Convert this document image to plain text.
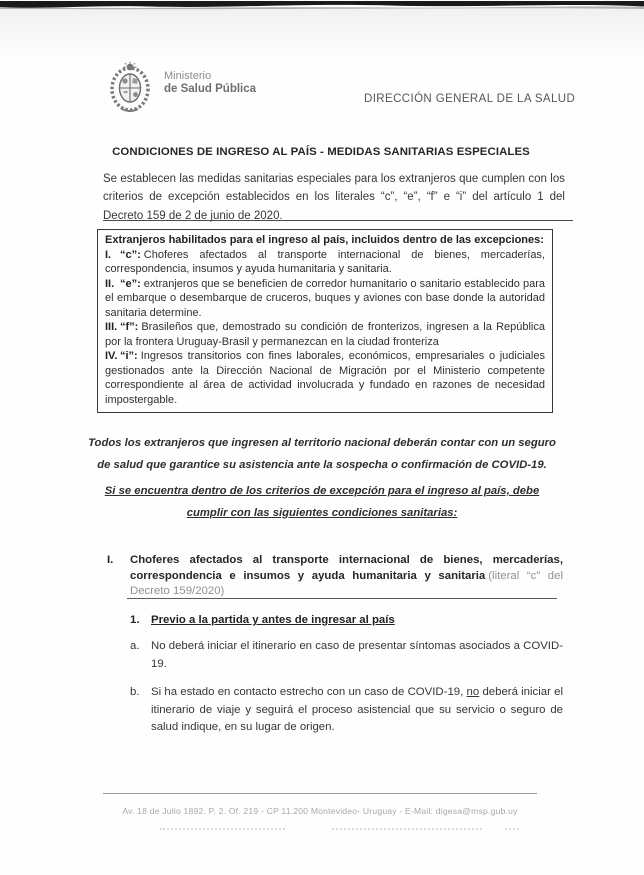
Ministerio
de Salud Pública
DIRECCIÓN GENERAL DE LA SALUD
CONDICIONES DE INGRESO AL PAÍS - MEDIDAS SANITARIAS ESPECIALES
Se establecen las medidas sanitarias especiales para los extranjeros que cumplen con los criterios de excepción establecidos en los literales “c”, “e”, “f” e “i” del artículo 1 del Decreto 159 de 2 de junio de 2020.
Extranjeros habilitados para el ingreso al país, incluidos dentro de las excepciones:

I. “c”: Choferes afectados al transporte internacional de bienes, mercaderías, correspondencia, insumos y ayuda humanitaria y sanitaria.

II. “e”: extranjeros que se beneficien de corredor humanitario o sanitario establecido para el embarque o desembarque de cruceros, buques y aviones con base donde la autoridad sanitaria determine.

III. “f”: Brasileños que, demostrado su condición de fronterizos, ingresen a la República por la frontera Uruguay-Brasil y permanezcan en la ciudad fronteriza

IV. “i”: Ingresos transitorios con fines laborales, económicos, empresariales o judiciales gestionados ante la Dirección Nacional de Migración por el Ministerio competente correspondiente al área de actividad involucrada y fundado en razones de necesidad impostergable.

Todos los extranjeros que ingresen al territorio nacional deberán contar con un seguro de salud que garantice su asistencia ante la sospecha o confirmación de COVID-19.
Si se encuentra dentro de los criterios de excepción para el ingreso al país, debe cumplir con las siguientes condiciones sanitarias:
I.	Choferes afectados al transporte internacional de bienes, mercaderías, correspondencia e insumos y ayuda humanitaria y sanitaria (literal “c” del Decreto 159/2020)
1.	Previo a la partida y antes de ingresar al país
a.	No deberá iniciar el itinerario en caso de presentar síntomas asociados a COVID-19.
b.	Si ha estado en contacto estrecho con un caso de COVID-19, no deberá iniciar el itinerario de viaje y seguirá el proceso asistencial que su servicio o seguro de salud indique, en su lugar de origen.
Av. 18 de Julio 1892. P. 2. Of. 219 - CP 11.200 Montevideo- Uruguay - E-Mail: digesa@msp.gub.uy
